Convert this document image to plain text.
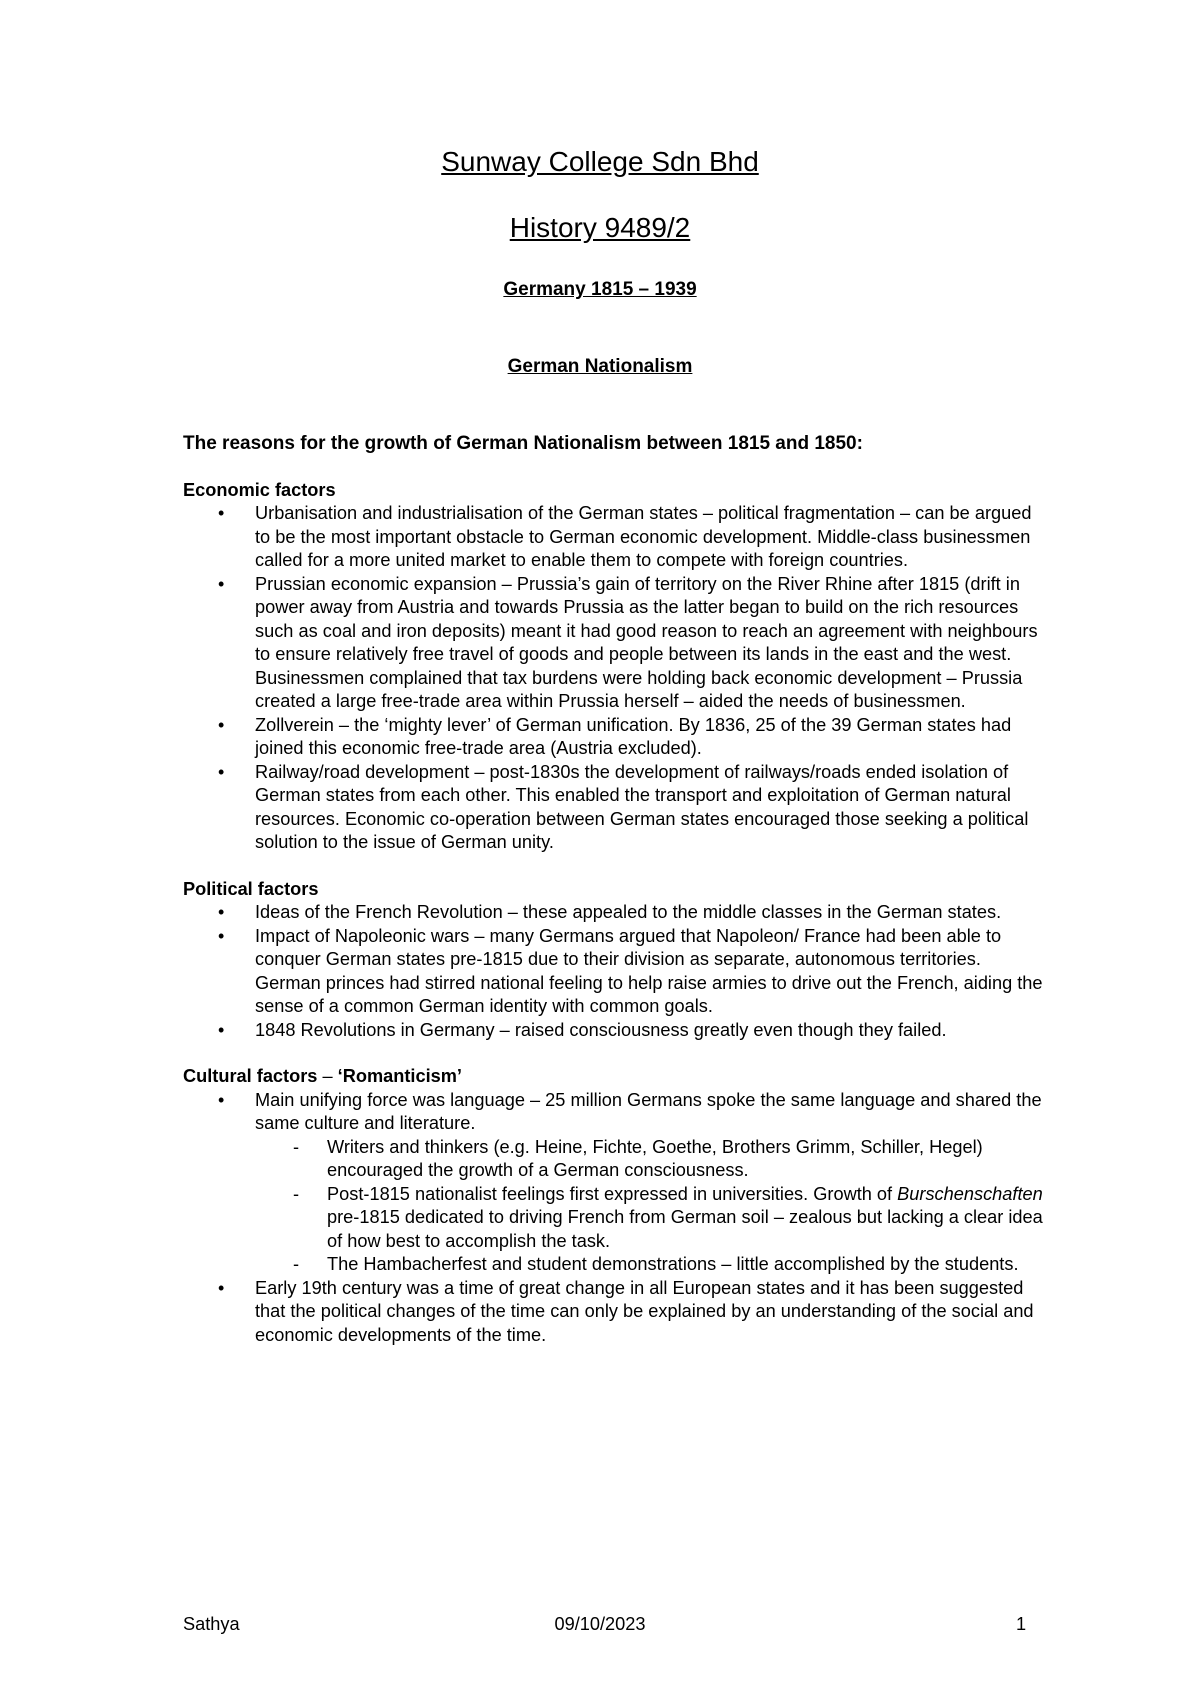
Sunway College Sdn Bhd
History 9489/2
Germany 1815 – 1939
German Nationalism

The reasons for the growth of German Nationalism between 1815 and 1850:

Economic factors

• Urbanisation and industrialisation of the German states – political fragmentation – can be argued to be the most important obstacle to German economic development. Middle-class businessmen called for a more united market to enable them to compete with foreign countries.
• Prussian economic expansion – Prussia’s gain of territory on the River Rhine after 1815 (drift in power away from Austria and towards Prussia as the latter began to build on the rich resources such as coal and iron deposits) meant it had good reason to reach an agreement with neighbours to ensure relatively free travel of goods and people between its lands in the east and the west. Businessmen complained that tax burdens were holding back economic development – Prussia created a large free-trade area within Prussia herself – aided the needs of businessmen.
• Zollverein – the ‘mighty lever’ of German unification. By 1836, 25 of the 39 German states had joined this economic free-trade area (Austria excluded).
• Railway/road development – post-1830s the development of railways/roads ended isolation of German states from each other. This enabled the transport and exploitation of German natural resources. Economic co-operation between German states encouraged those seeking a political solution to the issue of German unity.

Political factors

• Ideas of the French Revolution – these appealed to the middle classes in the German states.
• Impact of Napoleonic wars – many Germans argued that Napoleon/ France had been able to conquer German states pre-1815 due to their division as separate, autonomous territories. German princes had stirred national feeling to help raise armies to drive out the French, aiding the sense of a common German identity with common goals.
• 1848 Revolutions in Germany – raised consciousness greatly even though they failed.

Cultural factors – ‘Romanticism’

• Main unifying force was language – 25 million Germans spoke the same language and shared the same culture and literature.
- Writers and thinkers (e.g. Heine, Fichte, Goethe, Brothers Grimm, Schiller, Hegel) encouraged the growth of a German consciousness.
- Post-1815 nationalist feelings first expressed in universities. Growth of Burschenschaften pre-1815 dedicated to driving French from German soil – zealous but lacking a clear idea of how best to accomplish the task.
- The Hambacherfest and student demonstrations – little accomplished by the students.
• Early 19th century was a time of great change in all European states and it has been suggested that the political changes of the time can only be explained by an understanding of the social and economic developments of the time.
Sathya	09/10/2023	1
